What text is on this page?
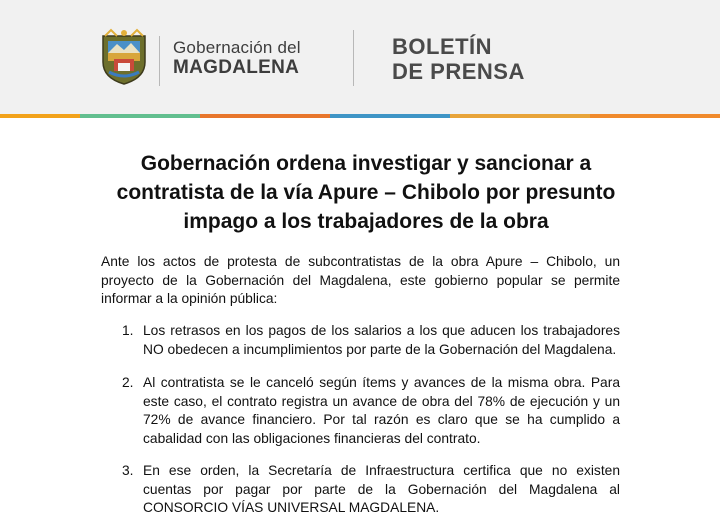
Gobernación del
MAGDALENA
BOLETÍN
DE PRENSA
Gobernación ordena investigar y sancionar a contratista de la vía Apure – Chibolo por presunto impago a los trabajadores de la obra
Ante los actos de protesta de subcontratistas de la obra Apure – Chibolo, un proyecto de la Gobernación del Magdalena, este gobierno popular se permite informar a la opinión pública:
1. Los retrasos en los pagos de los salarios a los que aducen los trabajadores NO obedecen a incumplimientos por parte de la Gobernación del Magdalena.
2. Al contratista se le canceló según ítems y avances de la misma obra. Para este caso, el contrato registra un avance de obra del 78% de ejecución y un 72% de avance financiero. Por tal razón es claro que se ha cumplido a cabalidad con las obligaciones financieras del contrato.
3. En ese orden, la Secretaría de Infraestructura certifica que no existen cuentas por pagar por parte de la Gobernación del Magdalena al CONSORCIO VÍAS UNIVERSAL MAGDALENA.
